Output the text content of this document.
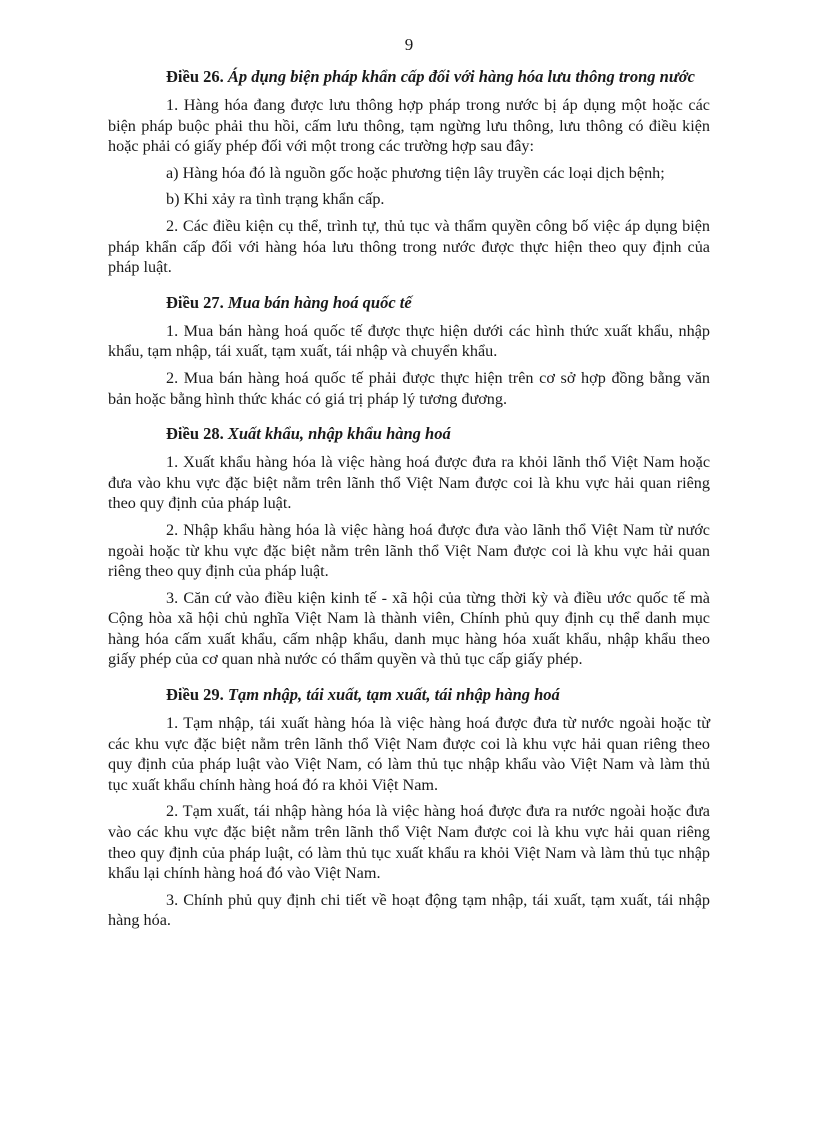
9

Điều 26. Áp dụng biện pháp khẩn cấp đối với hàng hóa lưu thông trong nước

1. Hàng hóa đang được lưu thông hợp pháp trong nước bị áp dụng một hoặc các biện pháp buộc phải thu hồi, cấm lưu thông, tạm ngừng lưu thông, lưu thông có điều kiện hoặc phải có giấy phép đối với một trong các trường hợp sau đây:

a) Hàng hóa đó là nguồn gốc hoặc phương tiện lây truyền các loại dịch bệnh;

b) Khi xảy ra tình trạng khẩn cấp.

2. Các điều kiện cụ thể, trình tự, thủ tục và thẩm quyền công bố việc áp dụng biện pháp khẩn cấp đối với hàng hóa lưu thông trong nước được thực hiện theo quy định của pháp luật.

Điều 27. Mua bán hàng hoá quốc tế

1. Mua bán hàng hoá quốc tế được thực hiện dưới các hình thức xuất khẩu, nhập khẩu, tạm nhập, tái xuất, tạm xuất, tái nhập và chuyển khẩu.

2. Mua bán hàng hoá quốc tế phải được thực hiện trên cơ sở hợp đồng bằng văn bản hoặc bằng hình thức khác có giá trị pháp lý tương đương.

Điều 28. Xuất khẩu, nhập khẩu hàng hoá

1. Xuất khẩu hàng hóa là việc hàng hoá được đưa ra khỏi lãnh thổ Việt Nam hoặc đưa vào khu vực đặc biệt nằm trên lãnh thổ Việt Nam được coi là khu vực hải quan riêng theo quy định của pháp luật.

2. Nhập khẩu hàng hóa là việc hàng hoá được đưa vào lãnh thổ Việt Nam từ nước ngoài hoặc từ khu vực đặc biệt nằm trên lãnh thổ Việt Nam được coi là khu vực hải quan riêng theo quy định của pháp luật.

3. Căn cứ vào điều kiện kinh tế - xã hội của từng thời kỳ và điều ước quốc tế mà Cộng hòa xã hội chủ nghĩa Việt Nam là thành viên, Chính phủ quy định cụ thể danh mục hàng hóa cấm xuất khẩu, cấm nhập khẩu, danh mục hàng hóa xuất khẩu, nhập khẩu theo giấy phép của cơ quan nhà nước có thẩm quyền và thủ tục cấp giấy phép.

Điều 29. Tạm nhập, tái xuất, tạm xuất, tái nhập hàng hoá

1. Tạm nhập, tái xuất hàng hóa là việc hàng hoá được đưa từ nước ngoài hoặc từ các khu vực đặc biệt nằm trên lãnh thổ Việt Nam được coi là khu vực hải quan riêng theo quy định của pháp luật vào Việt Nam, có làm thủ tục nhập khẩu vào Việt Nam và làm thủ tục xuất khẩu chính hàng hoá đó ra khỏi Việt Nam.

2. Tạm xuất, tái nhập hàng hóa là việc hàng hoá được đưa ra nước ngoài hoặc đưa vào các khu vực đặc biệt nằm trên lãnh thổ Việt Nam được coi là khu vực hải quan riêng theo quy định của pháp luật, có làm thủ tục xuất khẩu ra khỏi Việt Nam và làm thủ tục nhập khẩu lại chính hàng hoá đó vào Việt Nam.

3. Chính phủ quy định chi tiết về hoạt động tạm nhập, tái xuất, tạm xuất, tái nhập hàng hóa.
